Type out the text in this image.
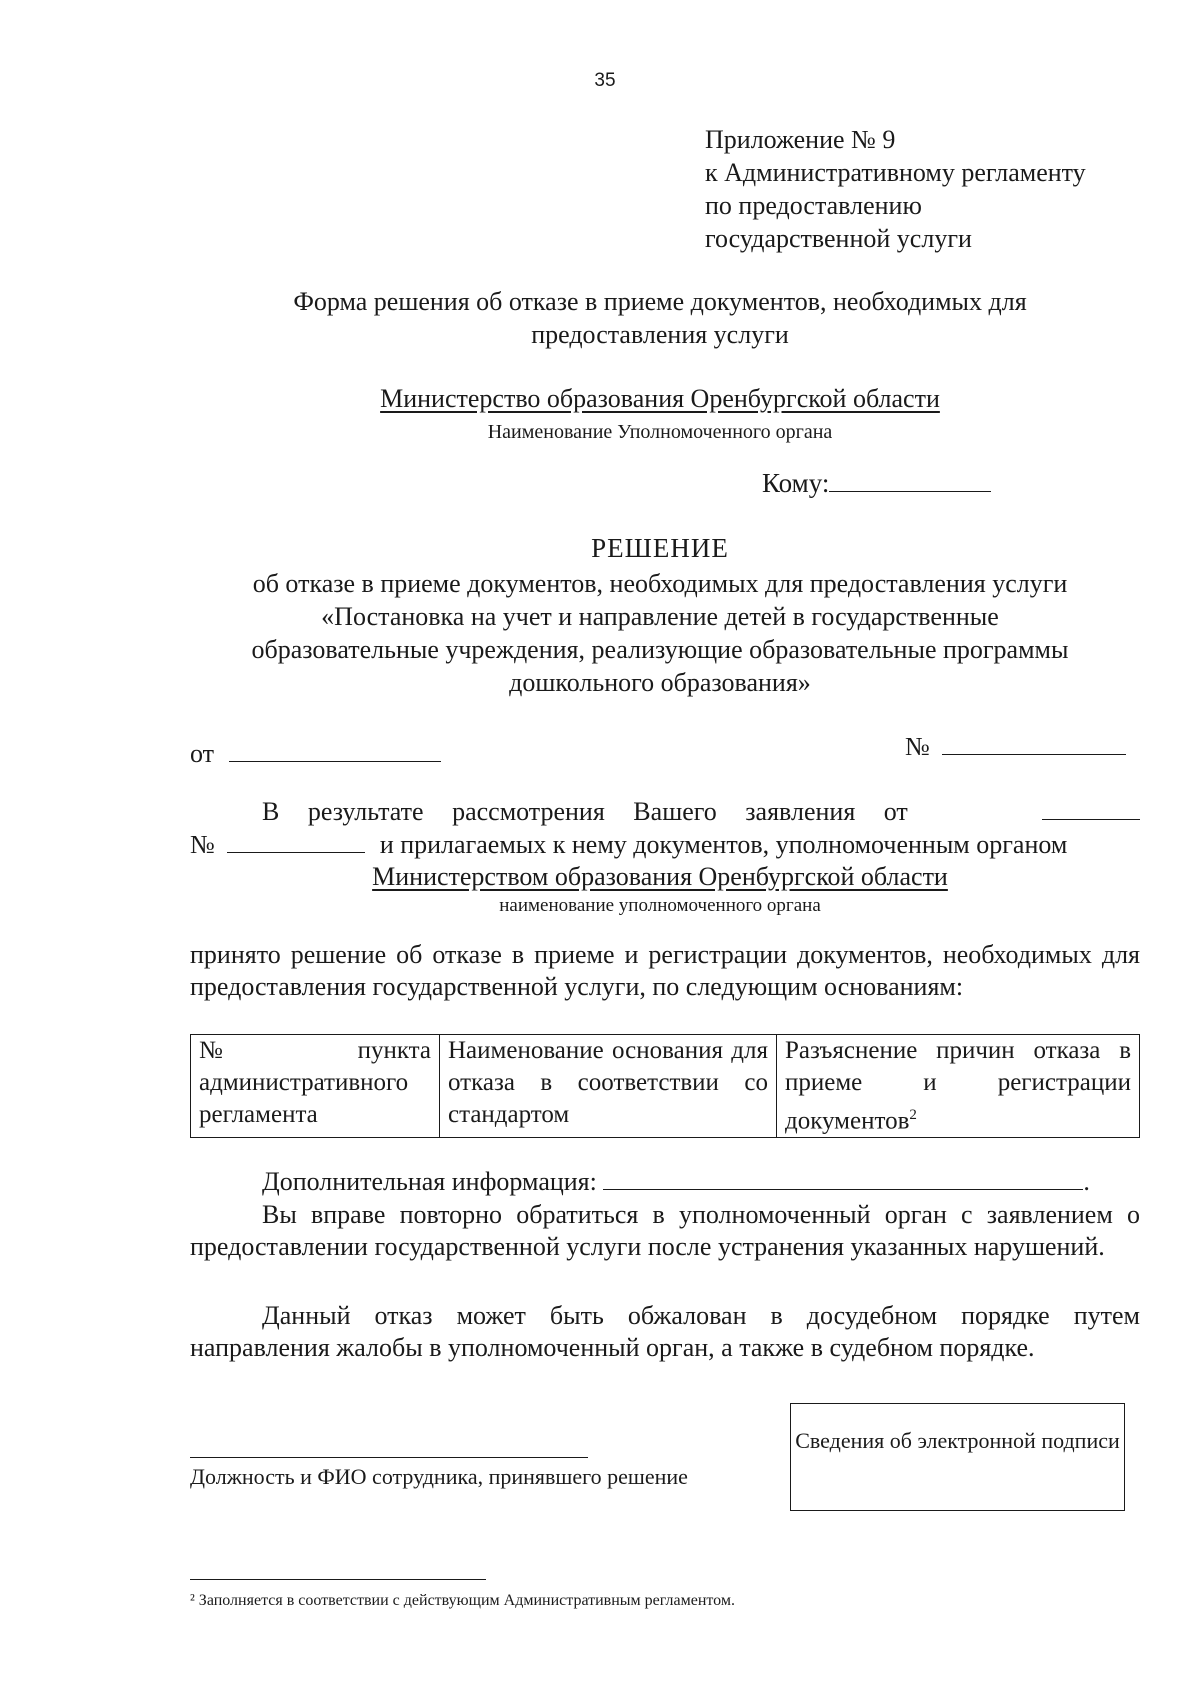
35
Приложение № 9
к Административному регламенту
по предоставлению
государственной услуги
Форма решения об отказе в приеме документов, необходимых для
предоставления услуги
Министерство образования Оренбургской области
Наименование Уполномоченного органа
Кому:
РЕШЕНИЕ
об отказе в приеме документов, необходимых для предоставления услуги
«Постановка на учет и направление детей в государственные
образовательные учреждения, реализующие образовательные программы
дошкольного образования»
от	№
В результате рассмотрения Вашего заявления от
№	и прилагаемых к нему документов, уполномоченным органом
Министерством образования Оренбургской области
наименование уполномоченного органа
принято решение об отказе в приеме и регистрации документов, необходимых для предоставления государственной услуги, по следующим основаниям:
№ пункта административного регламента	Наименование основания для отказа в соответствии со стандартом	Разъяснение причин отказа в приеме и регистрации документов$^2$
Дополнительная информация:	.
Вы вправе повторно обратиться в уполномоченный орган с заявлением о предоставлении государственной услуги после устранения указанных нарушений.
Данный отказ может быть обжалован в досудебном порядке путем направления жалобы в уполномоченный орган, а также в судебном порядке.
Должность и ФИО сотрудника, принявшего решение
Сведения об электронной подписи
² Заполняется в соответствии с действующим Административным регламентом.
